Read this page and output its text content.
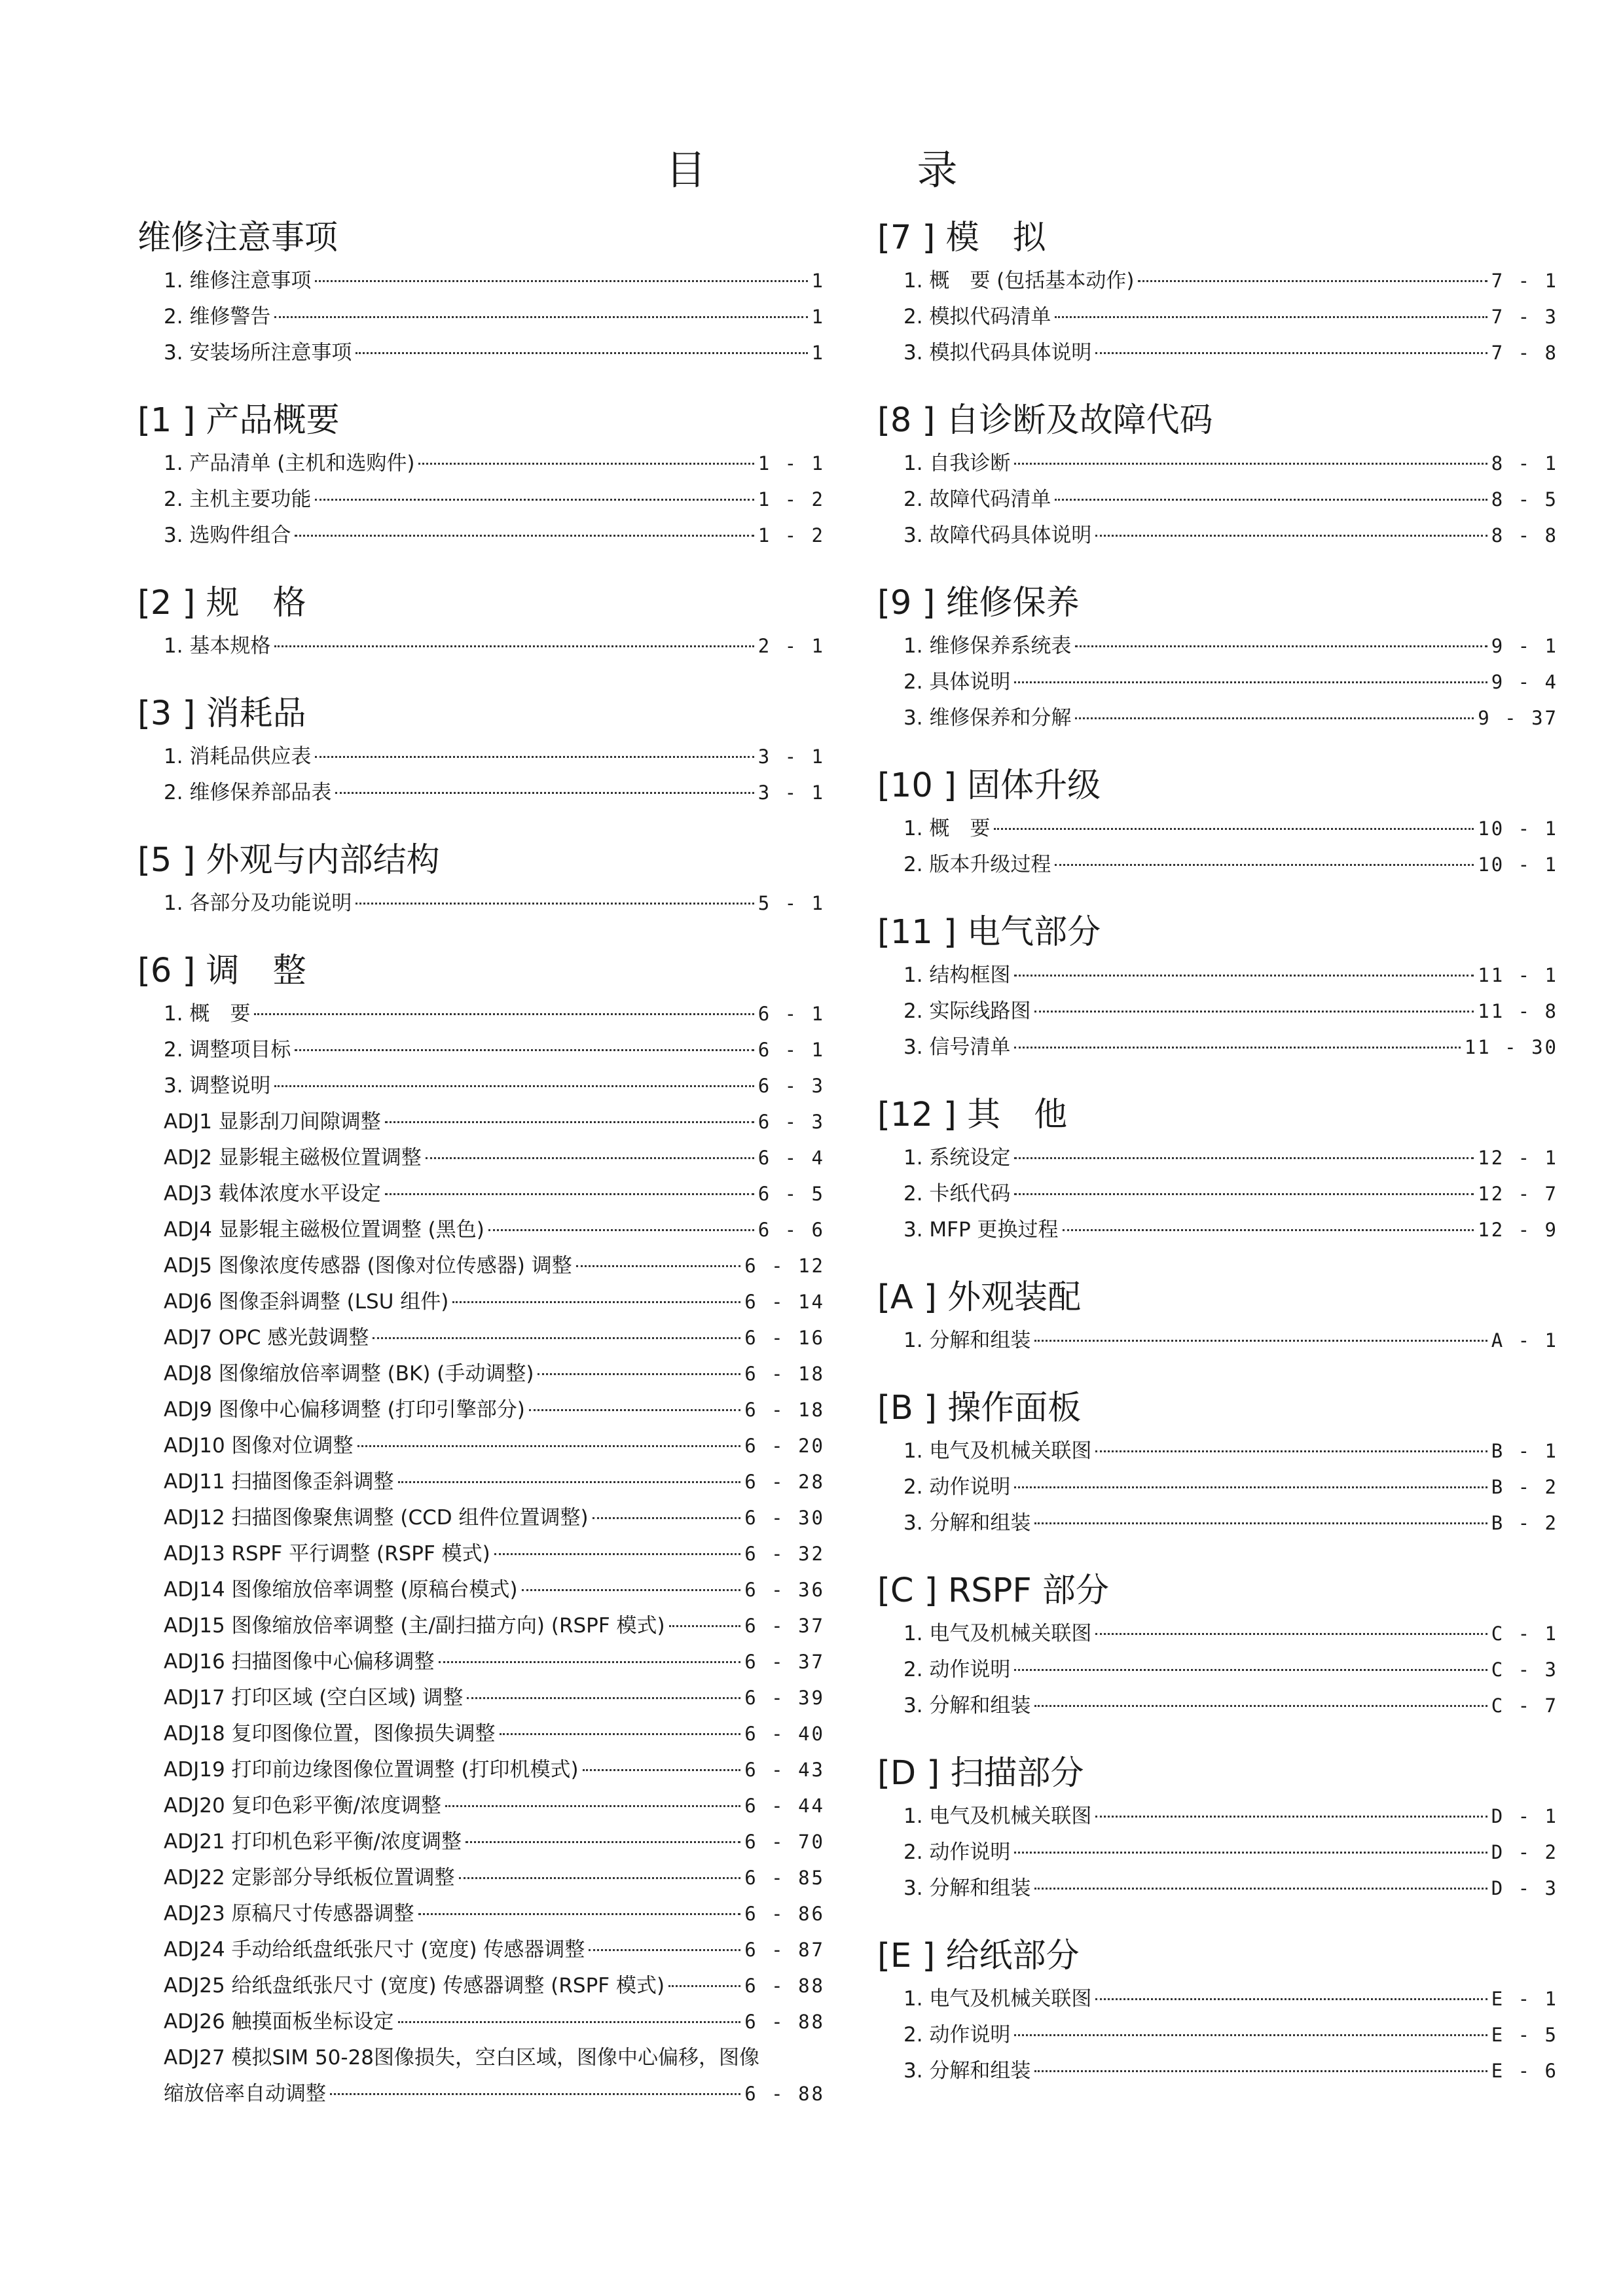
目　录
维修注意事项
1. 维修注意事项	1
2. 维修警告	1
3. 安装场所注意事项	1
[1 ] 产品概要
1. 产品清单 (主机和选购件)	1 - 1
2. 主机主要功能	1 - 2
3. 选购件组合	1 - 2
[2 ] 规　格
1. 基本规格	2 - 1
[3 ] 消耗品
1. 消耗品供应表	3 - 1
2. 维修保养部品表	3 - 1
[5 ] 外观与内部结构
1. 各部分及功能说明	5 - 1
[6 ] 调　整
1. 概　要	6 - 1
2. 调整项目标	6 - 1
3. 调整说明	6 - 3
ADJ1 显影刮刀间隙调整	6 - 3
ADJ2 显影辊主磁极位置调整	6 - 4
ADJ3 载体浓度水平设定	6 - 5
ADJ4 显影辊主磁极位置调整 (黑色)	6 - 6
ADJ5 图像浓度传感器 (图像对位传感器) 调整	6 - 12
ADJ6 图像歪斜调整 (LSU 组件)	6 - 14
ADJ7 OPC 感光鼓调整	6 - 16
ADJ8 图像缩放倍率调整 (BK) (手动调整)	6 - 18
ADJ9 图像中心偏移调整 (打印引擎部分)	6 - 18
ADJ10 图像对位调整	6 - 20
ADJ11 扫描图像歪斜调整	6 - 28
ADJ12 扫描图像聚焦调整 (CCD 组件位置调整)	6 - 30
ADJ13 RSPF 平行调整 (RSPF 模式)	6 - 32
ADJ14 图像缩放倍率调整 (原稿台模式)	6 - 36
ADJ15 图像缩放倍率调整 (主/副扫描方向) (RSPF 模式)	6 - 37
ADJ16 扫描图像中心偏移调整	6 - 37
ADJ17 打印区域 (空白区域) 调整	6 - 39
ADJ18 复印图像位置，图像损失调整	6 - 40
ADJ19 打印前边缘图像位置调整 (打印机模式)	6 - 43
ADJ20 复印色彩平衡/浓度调整	6 - 44
ADJ21 打印机色彩平衡/浓度调整	6 - 70
ADJ22 定影部分导纸板位置调整	6 - 85
ADJ23 原稿尺寸传感器调整	6 - 86
ADJ24 手动给纸盘纸张尺寸 (宽度) 传感器调整	6 - 87
ADJ25 给纸盘纸张尺寸 (宽度) 传感器调整 (RSPF 模式)	6 - 88
ADJ26 触摸面板坐标设定	6 - 88
ADJ27 模拟SIM 50-28图像损失，空白区域，图像中心偏移，图像
缩放倍率自动调整	6 - 88
[7 ] 模　拟
1. 概　要 (包括基本动作)	7 - 1
2. 模拟代码清单	7 - 3
3. 模拟代码具体说明	7 - 8
[8 ] 自诊断及故障代码
1. 自我诊断	8 - 1
2. 故障代码清单	8 - 5
3. 故障代码具体说明	8 - 8
[9 ] 维修保养
1. 维修保养系统表	9 - 1
2. 具体说明	9 - 4
3. 维修保养和分解	9 - 37
[10 ] 固体升级
1. 概　要	10 - 1
2. 版本升级过程	10 - 1
[11 ] 电气部分
1. 结构框图	11 - 1
2. 实际线路图	11 - 8
3. 信号清单	11 - 30
[12 ] 其　他
1. 系统设定	12 - 1
2. 卡纸代码	12 - 7
3. MFP 更换过程	12 - 9
[A ] 外观装配
1. 分解和组装	A - 1
[B ] 操作面板
1. 电气及机械关联图	B - 1
2. 动作说明	B - 2
3. 分解和组装	B - 2
[C ] RSPF 部分
1. 电气及机械关联图	C - 1
2. 动作说明	C - 3
3. 分解和组装	C - 7
[D ] 扫描部分
1. 电气及机械关联图	D - 1
2. 动作说明	D - 2
3. 分解和组装	D - 3
[E ] 给纸部分
1. 电气及机械关联图	E - 1
2. 动作说明	E - 5
3. 分解和组装	E - 6
